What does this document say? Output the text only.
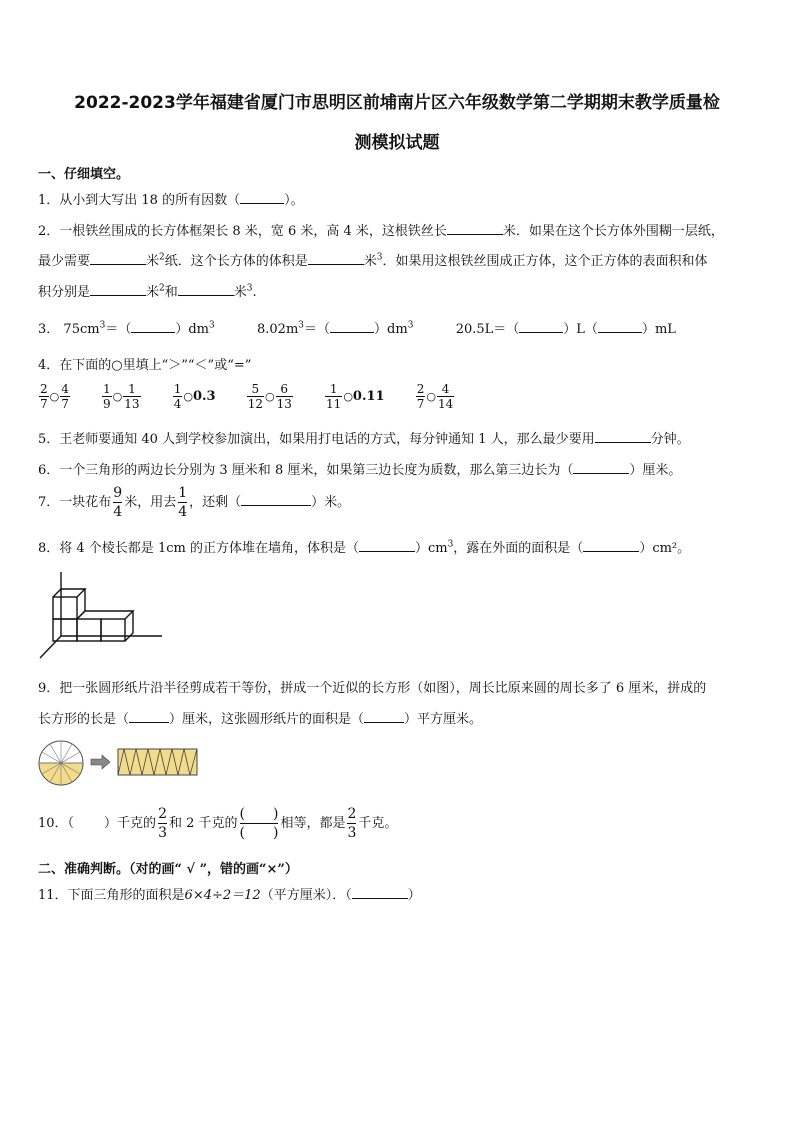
2022-2023学年福建省厦门市思明区前埔南片区六年级数学第二学期期末教学质量检
测模拟试题
一、仔细填空。
1．从小到大写出 18 的所有因数（	）。
2．一根铁丝围成的长方体框架长 8 米，宽 6 米，高 4 米，这根铁丝长	米．如果在这个长方体外围糊一层纸，
最少需要	米$^2$纸．这个长方体的体积是	米$^3$．如果用这根铁丝围成正方体，这个正方体的表面积和体
积分别是	米$^2$和	米$^3$.
3． $75cm^3=$（	）$dm^3$	$8.02m^3=$（	）$dm^3$	20.5L＝（	）L（	）mL
4．在下面的○里填上“＞”“＜”或“=”
$\frac{2}{7}$ ○ $\frac{4}{7}$
	$\frac{1}{9}$ ○ $\frac{1}{13}$
	$\frac{1}{4}$ ○0.3	$\frac{5}{12}$ ○ $\frac{6}{13}$
	$\frac{1}{11}$ ○0.11	$\frac{2}{7}$ ○ $\frac{4}{14}$
5．王老师要通知 40 人到学校参加演出，如果用打电话的方式，每分钟通知 1 人，那么最少要用	分钟。
6．一个三角形的两边长分别为 3 厘米和 8 厘米，如果第三边长度为质数，那么第三边长为（	）厘米。
7．一块花布 $\frac{9}{4}$ 米，用去 $\frac{1}{4}$ ，还剩（	）米。
8．将 4 个棱长都是 1cm 的正方体堆在墙角，体积是（	）$cm^3$，露在外面的面积是（	）cm²。
9．把一张圆形纸片沿半径剪成若干等份，拼成一个近似的长方形（如图），周长比原来圆的周长多了 6 厘米，拼成的
长方形的长是（	）厘米，这张圆形纸片的面积是（	）平方厘米。
10．（ ）千克的 $\frac{2}{3}$ 和 2 千克的
(　　)
(　　)
相等，都是 $\frac{2}{3}$ 千克。
二、准确判断。（对的画“ √ ”，错的画“×”）
11．下面三角形的面积是6×4÷2＝12（平方厘米）．（	）
